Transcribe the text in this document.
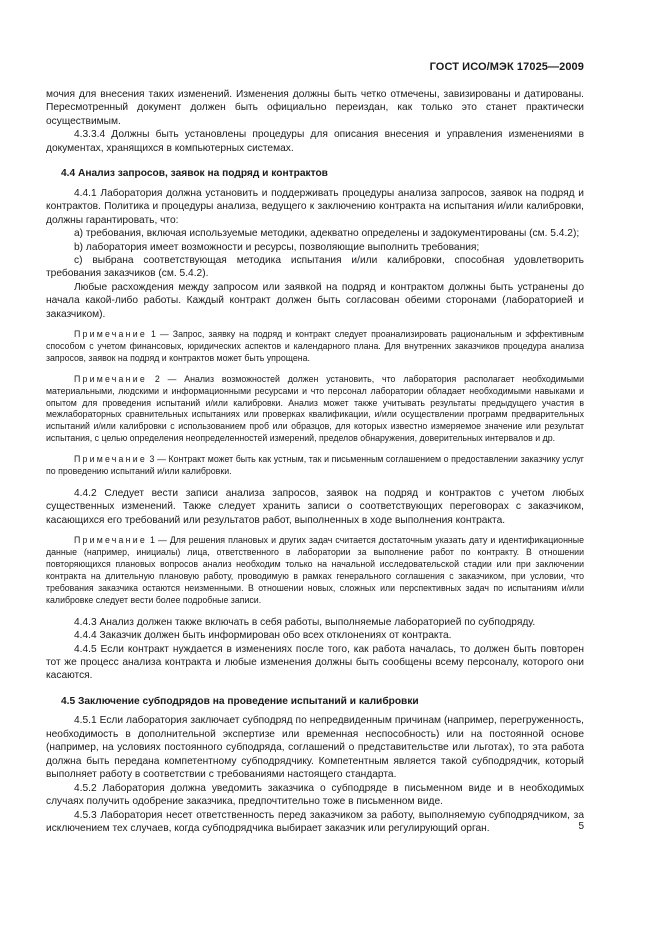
ГОСТ ИСО/МЭК 17025—2009

мочия для внесения таких изменений. Изменения должны быть четко отмечены, завизированы и датированы. Пересмотренный документ должен быть официально переиздан, как только это станет практически осуществимым.

4.3.3.4 Должны быть установлены процедуры для описания внесения и управления изменениями в документах, хранящихся в компьютерных системах.

4.4 Анализ запросов, заявок на подряд и контрактов

4.4.1 Лаборатория должна установить и поддерживать процедуры анализа запросов, заявок на подряд и контрактов. Политика и процедуры анализа, ведущего к заключению контракта на испытания и/или калибровки, должны гарантировать, что:

а) требования, включая используемые методики, адекватно определены и задокументированы (см. 5.4.2);

b) лаборатория имеет возможности и ресурсы, позволяющие выполнить требования;

c) выбрана соответствующая методика испытания и/или калибровки, способная удовлетворить требования заказчиков (см. 5.4.2).

Любые расхождения между запросом или заявкой на подряд и контрактом должны быть устранены до начала какой-либо работы. Каждый контракт должен быть согласован обеими сторонами (лабораторией и заказчиком).

Примечание 1 — Запрос, заявку на подряд и контракт следует проанализировать рациональным и эффективным способом с учетом финансовых, юридических аспектов и календарного плана. Для внутренних заказчиков процедура анализа запросов, заявок на подряд и контрактов может быть упрощена.

Примечание 2 — Анализ возможностей должен установить, что лаборатория располагает необходимыми материальными, людскими и информационными ресурсами и что персонал лаборатории обладает необходимыми навыками и опытом для проведения испытаний и/или калибровки. Анализ может также учитывать результаты предыдущего участия в межлабораторных сравнительных испытаниях или проверках квалификации, и/или осуществлении программ предварительных испытаний и/или калибровки с использованием проб или образцов, для которых известно измеряемое значение или результат испытания, с целью определения неопределенностей измерений, пределов обнаружения, доверительных интервалов и др.

Примечание 3 — Контракт может быть как устным, так и письменным соглашением о предоставлении заказчику услуг по проведению испытаний и/или калибровки.

4.4.2 Следует вести записи анализа запросов, заявок на подряд и контрактов с учетом любых существенных изменений. Также следует хранить записи о соответствующих переговорах с заказчиком, касающихся его требований или результатов работ, выполненных в ходе выполнения контракта.

Примечание 1 — Для решения плановых и других задач считается достаточным указать дату и идентификационные данные (например, инициалы) лица, ответственного в лаборатории за выполнение работ по контракту. В отношении повторяющихся плановых вопросов анализ необходим только на начальной исследовательской стадии или при заключении контракта на длительную плановую работу, проводимую в рамках генерального соглашения с заказчиком, при условии, что требования заказчика остаются неизменными. В отношении новых, сложных или перспективных задач по испытаниям и/или калибровке следует вести более подробные записи.

4.4.3 Анализ должен также включать в себя работы, выполняемые лабораторией по субподряду.

4.4.4 Заказчик должен быть информирован обо всех отклонениях от контракта.

4.4.5 Если контракт нуждается в изменениях после того, как работа началась, то должен быть повторен тот же процесс анализа контракта и любые изменения должны быть сообщены всему персоналу, которого они касаются.

4.5 Заключение субподрядов на проведение испытаний и калибровки

4.5.1 Если лаборатория заключает субподряд по непредвиденным причинам (например, перегруженность, необходимость в дополнительной экспертизе или временная неспособность) или на постоянной основе (например, на условиях постоянного субподряда, соглашений о представительстве или льготах), то эта работа должна быть передана компетентному субподрядчику. Компетентным является такой субподрядчик, который выполняет работу в соответствии с требованиями настоящего стандарта.

4.5.2 Лаборатория должна уведомить заказчика о субподряде в письменном виде и в необходимых случаях получить одобрение заказчика, предпочтительно тоже в письменном виде.

4.5.3 Лаборатория несет ответственность перед заказчиком за работу, выполняемую субподрядчиком, за исключением тех случаев, когда субподрядчика выбирает заказчик или регулирующий орган.	5
